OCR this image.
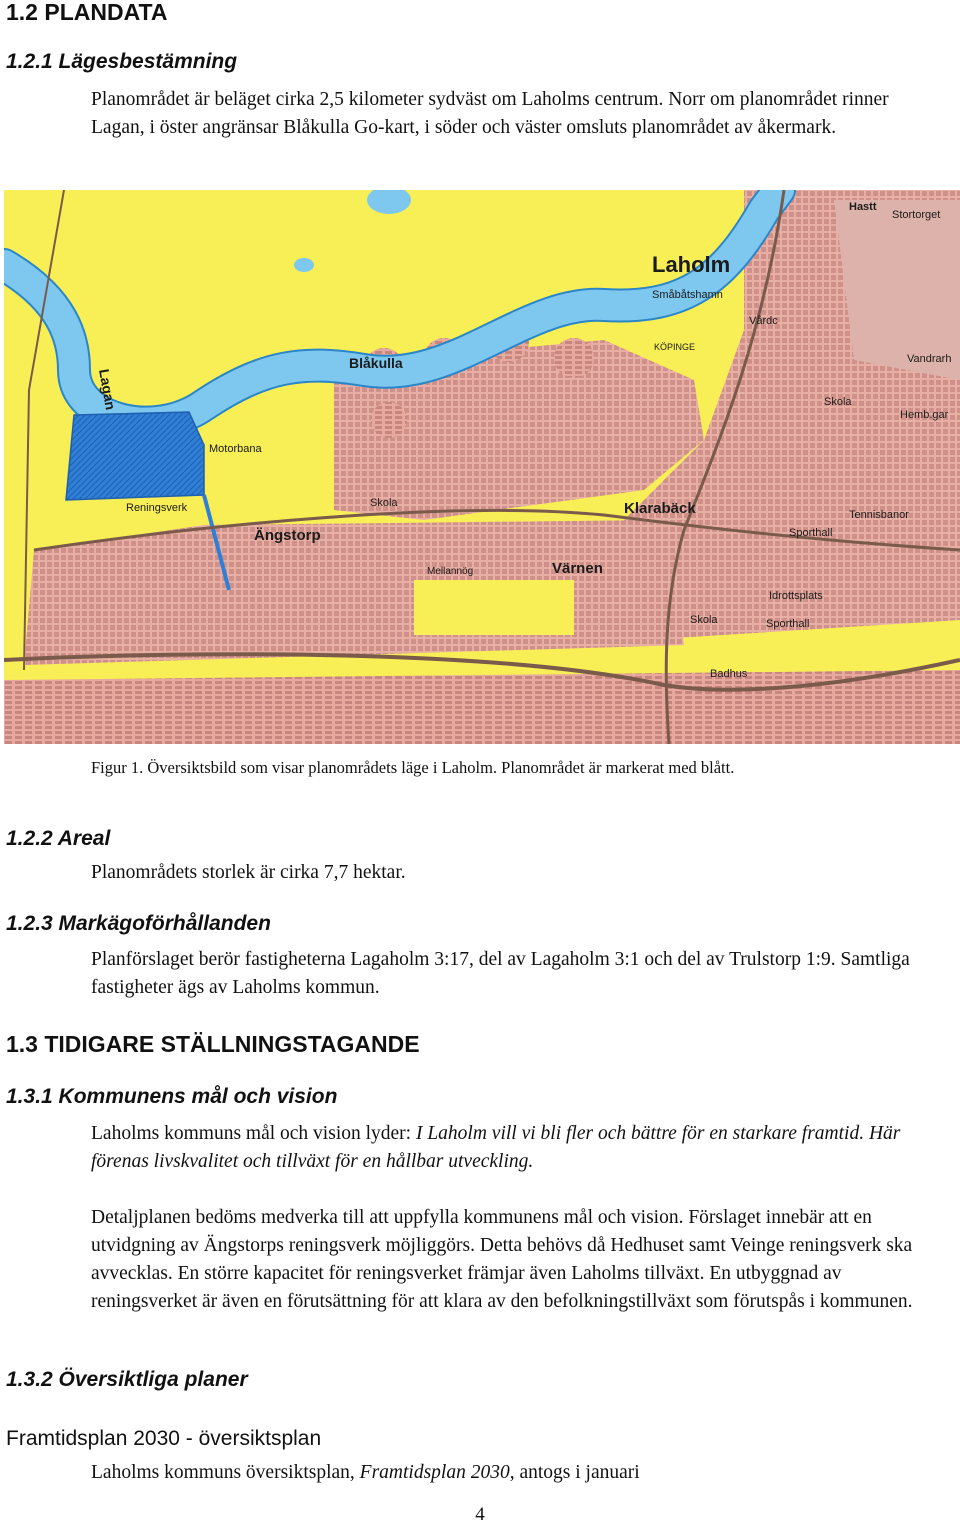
1.2 PLANDATA
1.2.1 Lägesbestämning

Planområdet är beläget cirka 2,5 kilometer sydväst om Laholms centrum. Norr om planområdet rinner Lagan, i öster angränsar Blåkulla Go-kart, i söder och väster omsluts planområdet av åkermark.

Lagan
Laholm
Småbåtshamn
KÖPINGE
Vårdc
Hastt
Stortorget
Vandrarh
Skola
Hemb.gar
Blåkulla
Motorbana
Reningsverk	Skola
Ängstorp
Klarabäck	Tennisbanor
Sporthall
Mellannög	Värnen
Idrottsplats
Skola	Sporthall
Badhus
Figur 1. Översiktsbild som visar planområdets läge i Laholm. Planområdet är markerat med blått.
1.2.2 Areal
Planområdets storlek är cirka 7,7 hektar.
1.2.3 Markägoförhållanden
Planförslaget berör fastigheterna Lagaholm 3:17, del av Lagaholm 3:1 och del av Trulstorp 1:9. Samtliga fastigheter ägs av Laholms kommun.
1.3 TIDIGARE STÄLLNINGSTAGANDE
1.3.1 Kommunens mål och vision

Laholms kommuns mål och vision lyder: I Laholm vill vi bli fler och bättre för en starkare framtid. Här förenas livskvalitet och tillväxt för en hållbar utveckling.

Detaljplanen bedöms medverka till att uppfylla kommunens mål och vision. Förslaget innebär att en utvidgning av Ängstorps reningsverk möjliggörs. Detta behövs då Hedhuset samt Veinge reningsverk ska avvecklas. En större kapacitet för reningsverket främjar även Laholms tillväxt. En utbyggnad av reningsverket är även en förutsättning för att klara av den befolkningstillväxt som förutspås i kommunen.

1.3.2 Översiktliga planer
Framtidsplan 2030 - översiktsplan
Laholms kommuns översiktsplan, Framtidsplan 2030, antogs i januari
4
